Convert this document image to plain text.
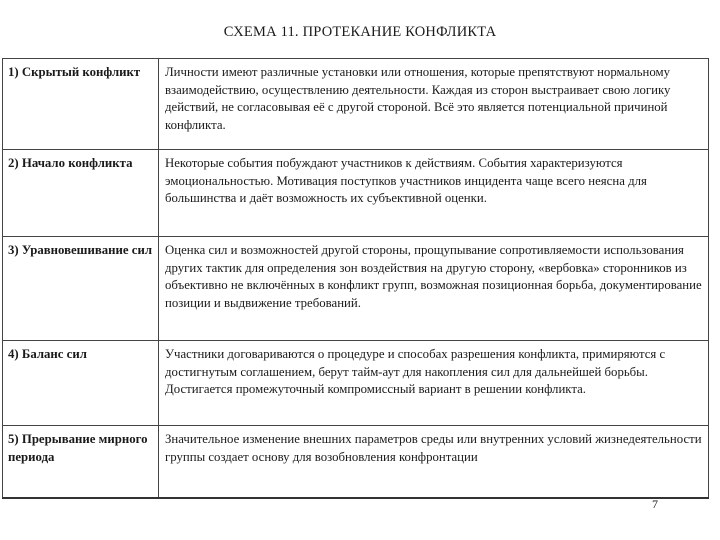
СХЕМА 11. ПРОТЕКАНИЕ КОНФЛИКТА
1) Скрытый конфликт	Личности имеют различные установки или отношения, которые препятствуют нормальному взаимодействию, осуществлению деятельности. Каждая из сторон выстраивает свою логику действий, не согласовывая её с другой стороной. Всё это является потенциальной причиной конфликта.
2) Начало конфликта	Некоторые события побуждают участников к действиям. События характеризуются эмоциональностью. Мотивация поступков участников инцидента чаще всего неясна для большинства и даёт возможность их субъективной оценки.
3) Уравновешивание сил	Оценка сил и возможностей другой стороны, прощупывание сопротивляемости использования других тактик для определения зон воздействия на другую сторону, «вербовка» сторонников из объективно не включённых в конфликт групп, возможная позиционная борьба, документирование позиции и выдвижение требований.
4) Баланс сил	Участники договариваются о процедуре и способах разрешения конфликта, примиряются с достигнутым соглашением, берут тайм-аут для накопления сил для дальнейшей борьбы. Достигается промежуточный компромиссный вариант в решении конфликта.
5) Прерывание мирного периода	Значительное изменение внешних параметров среды или внутренних условий жизнедеятельности группы создает основу для возобновления конфронтации
7
